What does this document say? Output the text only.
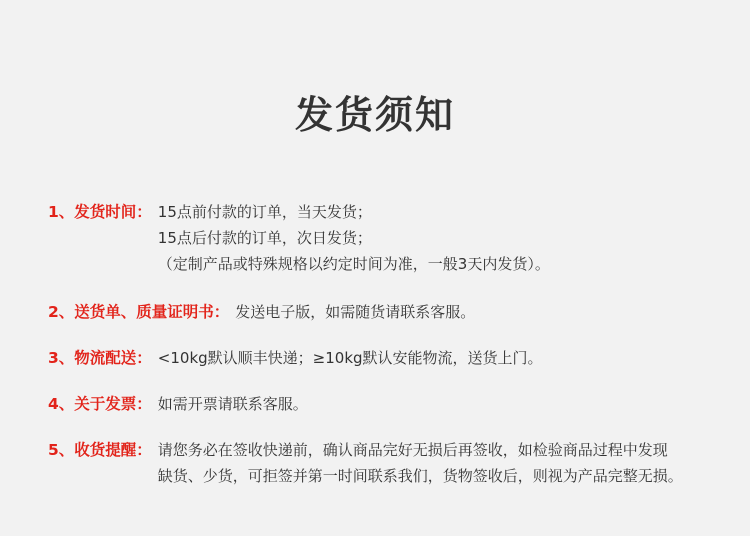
发货须知
1、发货时间： 15点前付款的订单，当天发货；
15点后付款的订单，次日发货；
（定制产品或特殊规格以约定时间为准，一般3天内发货）。
2、送货单、质量证明书： 发送电子版，如需随货请联系客服。
3、物流配送： <10kg默认顺丰快递；≥10kg默认安能物流，送货上门。
4、关于发票： 如需开票请联系客服。
5、收货提醒： 请您务必在签收快递前，确认商品完好无损后再签收，如检验商品过程中发现
缺货、少货，可拒签并第一时间联系我们，货物签收后，则视为产品完整无损。
